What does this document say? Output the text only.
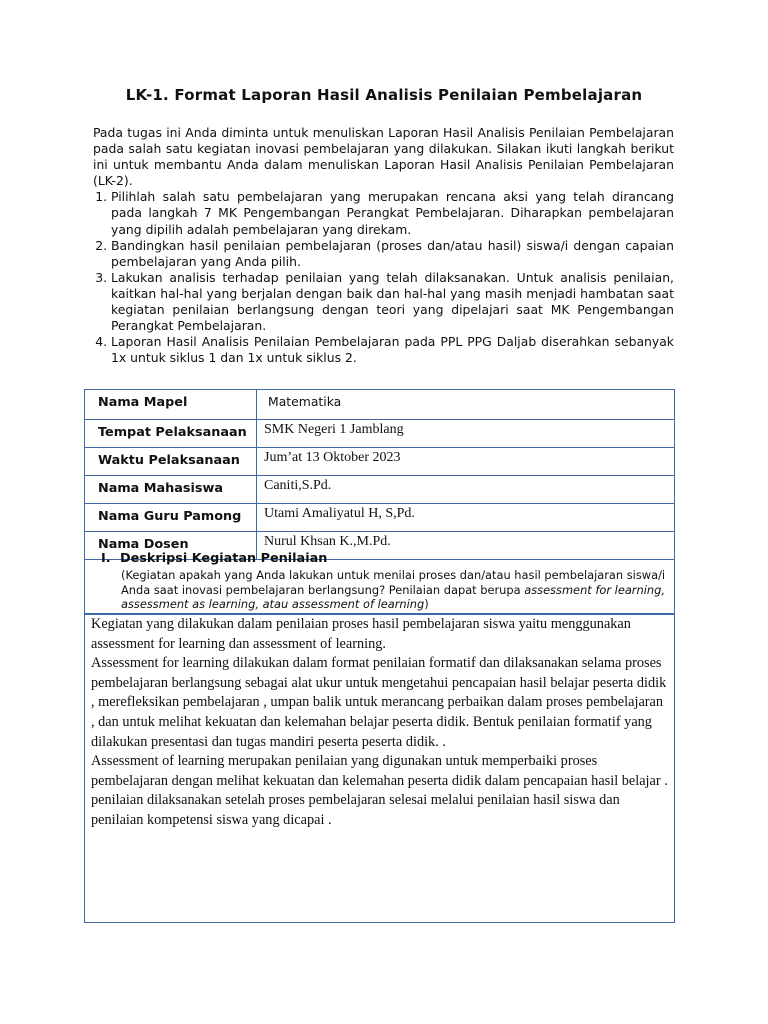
LK-1. Format Laporan Hasil Analisis Penilaian Pembelajaran

Pada tugas ini Anda diminta untuk menuliskan Laporan Hasil Analisis Penilaian Pembelajaran pada salah satu kegiatan inovasi pembelajaran yang dilakukan. Silakan ikuti langkah berikut ini untuk membantu Anda dalam menuliskan Laporan Hasil Analisis Penilaian Pembelajaran (LK-2).

1. Pilihlah salah satu pembelajaran yang merupakan rencana aksi yang telah dirancang pada langkah 7 MK Pengembangan Perangkat Pembelajaran. Diharapkan pembelajaran yang dipilih adalah pembelajaran yang direkam.
2. Bandingkan hasil penilaian pembelajaran (proses dan/atau hasil) siswa/i dengan capaian pembelajaran yang Anda pilih.
3. Lakukan analisis terhadap penilaian yang telah dilaksanakan. Untuk analisis penilaian, kaitkan hal-hal yang berjalan dengan baik dan hal-hal yang masih menjadi hambatan saat kegiatan penilaian berlangsung dengan teori yang dipelajari saat MK Pengembangan Perangkat Pembelajaran.
4. Laporan Hasil Analisis Penilaian Pembelajaran pada PPL PPG Daljab diserahkan sebanyak 1x untuk siklus 1 dan 1x untuk siklus 2.
Nama Mapel	Matematika
Tempat Pelaksanaan	SMK Negeri 1 Jamblang
Waktu Pelaksanaan	Jum’at 13 Oktober 2023
Nama Mahasiswa	Caniti,S.Pd.
Nama Guru Pamong	Utami Amaliyatul H, S,Pd.
Nama Dosen	Nurul Khsan K.,M.Pd.
I. Deskripsi Kegiatan Penilaian
(Kegiatan apakah yang Anda lakukan untuk menilai proses dan/atau hasil pembelajaran siswa/i Anda saat inovasi pembelajaran berlangsung? Penilaian dapat berupa assessment for learning, assessment as learning, atau assessment of learning)

Kegiatan yang dilakukan dalam penilaian proses hasil pembelajaran siswa yaitu menggunakan assessment for learning dan assessment of learning.

Assessment for learning dilakukan dalam format penilaian formatif dan dilaksanakan selama proses pembelajaran berlangsung sebagai alat ukur untuk mengetahui pencapaian hasil belajar peserta didik , merefleksikan pembelajaran , umpan balik untuk merancang perbaikan dalam proses pembelajaran , dan untuk melihat kekuatan dan kelemahan belajar peserta didik. Bentuk penilaian formatif yang dilakukan presentasi dan tugas mandiri peserta peserta didik. .

Assessment of learning merupakan penilaian yang digunakan untuk memperbaiki proses pembelajaran dengan melihat kekuatan dan kelemahan peserta didik dalam pencapaian hasil belajar . penilaian dilaksanakan setelah proses pembelajaran selesai melalui penilaian hasil siswa dan penilaian kompetensi siswa yang dicapai .
